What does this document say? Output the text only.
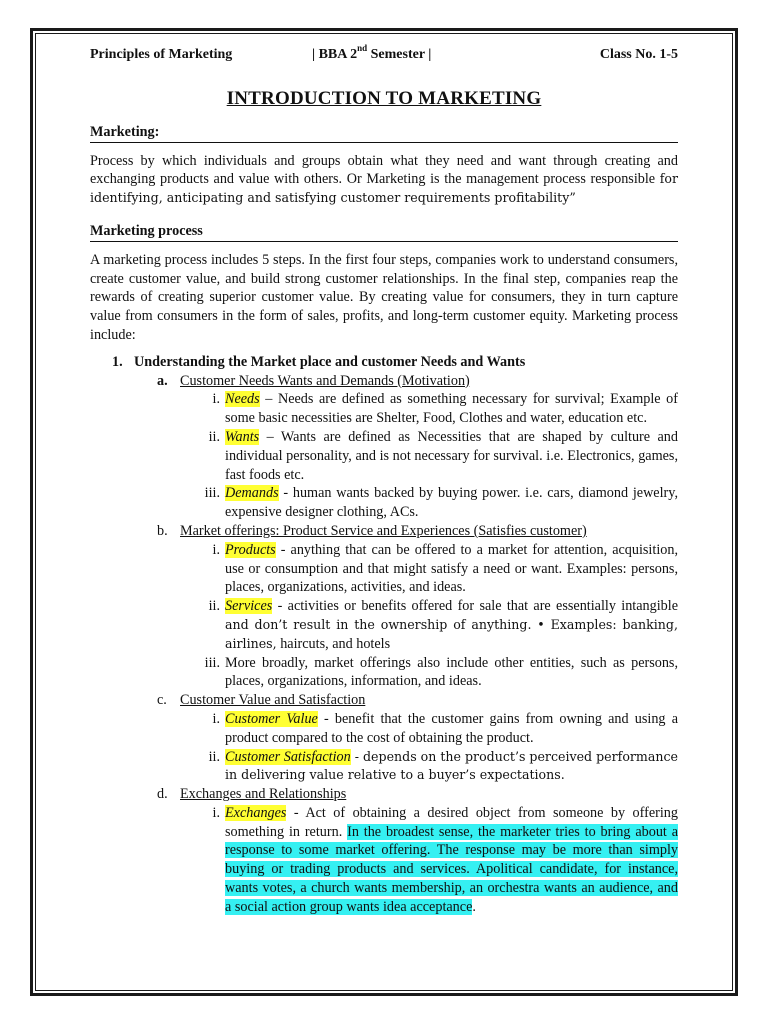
Principles of Marketing	| BBA 2nd Semester |	Class No. 1-5
INTRODUCTION TO MARKETING
Marketing:
Process by which individuals and groups obtain what they need and want through creating and exchanging products and value with others. Or Marketing is the management process responsible for identifying, anticipating and satisfying customer requirements profitability”
Marketing process
A marketing process includes 5 steps. In the first four steps, companies work to understand consumers, create customer value, and build strong customer relationships. In the final step, companies reap the rewards of creating superior customer value. By creating value for consumers, they in turn capture value from consumers in the form of sales, profits, and long-term customer equity. Marketing process include:
1. Understanding the Market place and customer Needs and Wants
a. Customer Needs Wants and Demands (Motivation)
i. Needs – Needs are defined as something necessary for survival; Example of some basic necessities are Shelter, Food, Clothes and water, education etc.
ii. Wants – Wants are defined as Necessities that are shaped by culture and individual personality, and is not necessary for survival. i.e. Electronics, games, fast foods etc.
iii. Demands - human wants backed by buying power. i.e. cars, diamond jewelry, expensive designer clothing, ACs.
b. Market offerings: Product Service and Experiences (Satisfies customer)
i. Products - anything that can be offered to a market for attention, acquisition, use or consumption and that might satisfy a need or want. Examples: persons, places, organizations, activities, and ideas.
ii. Services - activities or benefits offered for sale that are essentially intangible and don’t result in the ownership of anything. • Examples: banking, airlines, haircuts, and hotels
iii. More broadly, market offerings also include other entities, such as persons, places, organizations, information, and ideas.
c. Customer Value and Satisfaction
i. Customer Value - benefit that the customer gains from owning and using a product compared to the cost of obtaining the product.
ii. Customer Satisfaction - depends on the product’s perceived performance in delivering value relative to a buyer’s expectations.
d. Exchanges and Relationships
i. Exchanges - Act of obtaining a desired object from someone by offering something in return. In the broadest sense, the marketer tries to bring about a response to some market offering. The response may be more than simply buying or trading products and services. Apolitical candidate, for instance, wants votes, a church wants membership, an orchestra wants an audience, and a social action group wants idea acceptance.
